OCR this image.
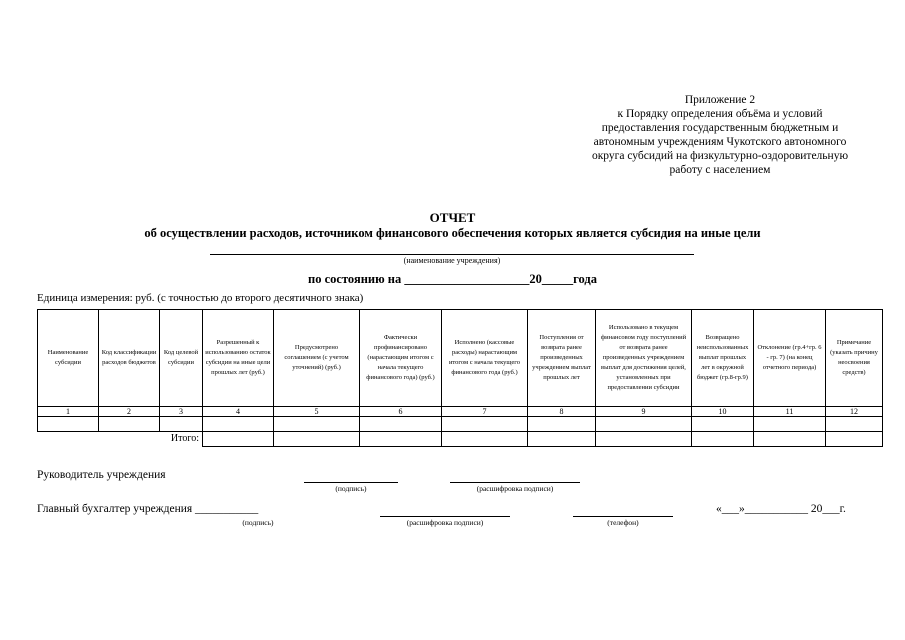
Приложение 2
к Порядку определения объёма и условий
предоставления государственным бюджетным и
автономным учреждениям Чукотского автономного
округа субсидий на физкультурно-оздоровительную
работу с населением
ОТЧЕТ
об осуществлении расходов, источником финансового обеспечения которых является субсидия на иные цели
(наименование учреждения)
по состоянию на ____________________20_____года
Единица измерения: руб. (с точностью до второго десятичного знака)
Наименование субсидии	Код классификации расходов бюджетов	Код целевой субсидии	Разрешенный к использованию остаток субсидии на иные цели прошлых лет (руб.)	Предусмотрено соглашением (с учетом уточнений) (руб.)	Фактически профинансировано (нарастающим итогом с начала текущего финансового года) (руб.)	Исполнено (кассовые расходы) нарастающим итогом с начала текущего финансового года (руб.)	Поступления от возврата ранее произведенных учреждением выплат прошлых лет	Использовано в текущем финансовом году поступлений от возврата ранее произведенных учреждением выплат для достижения целей, установленных при предоставлении субсидии	Возвращено неиспользованных выплат прошлых лет в окружной бюджет (гр.8-гр.9)	Отклонение (гр.4+гр. 6 - гр. 7) (на конец отчетного периода)	Примечание (указать причину неосвоения средств)
1	2	3	4	5	6	7	8	9	10	11	12

Итого:											
Руководитель учреждения
(подпись)	(расшифровка подписи)
Главный бухгалтер учреждения ___________
(подпись)	(расшифровка подписи)	(телефон)
«___»___________ 20___г.
